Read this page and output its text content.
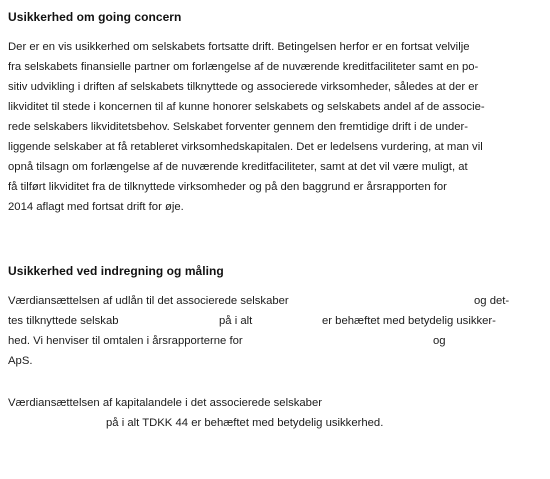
Usikkerhed om going concern
Der er en vis usikkerhed om selskabets fortsatte drift. Betingelsen herfor er en fortsat velvilje
fra selskabets finansielle partner om forlængelse af de nuværende kreditfaciliteter samt en po-
sitiv udvikling i driften af selskabets tilknyttede og associerede virksomheder, således at der er
likviditet til stede i koncernen til af kunne honorer selskabets og selskabets andel af de associe-
rede selskabers likviditetsbehov. Selskabet forventer gennem den fremtidige drift i de under-
liggende selskaber at få retableret virksomhedskapitalen. Det er ledelsens vurdering, at man vil
opnå tilsagn om forlængelse af de nuværende kreditfaciliteter, samt at det vil være muligt, at
få tilført likviditet fra de tilknyttede virksomheder og på den baggrund er årsrapporten for
2014 aflagt med fortsat drift for øje.
Usikkerhed ved indregning og måling
Værdiansættelsen af udlån til det associerede selskaber	og det-
tes tilknyttede selskab	på i alt	er behæftet med betydelig usikker-
hed. Vi henviser til omtalen i årsrapporterne for	og
ApS.
Værdiansættelsen af kapitalandele i det associerede selskaber
på i alt TDKK 44 er behæftet med betydelig usikkerhed.
